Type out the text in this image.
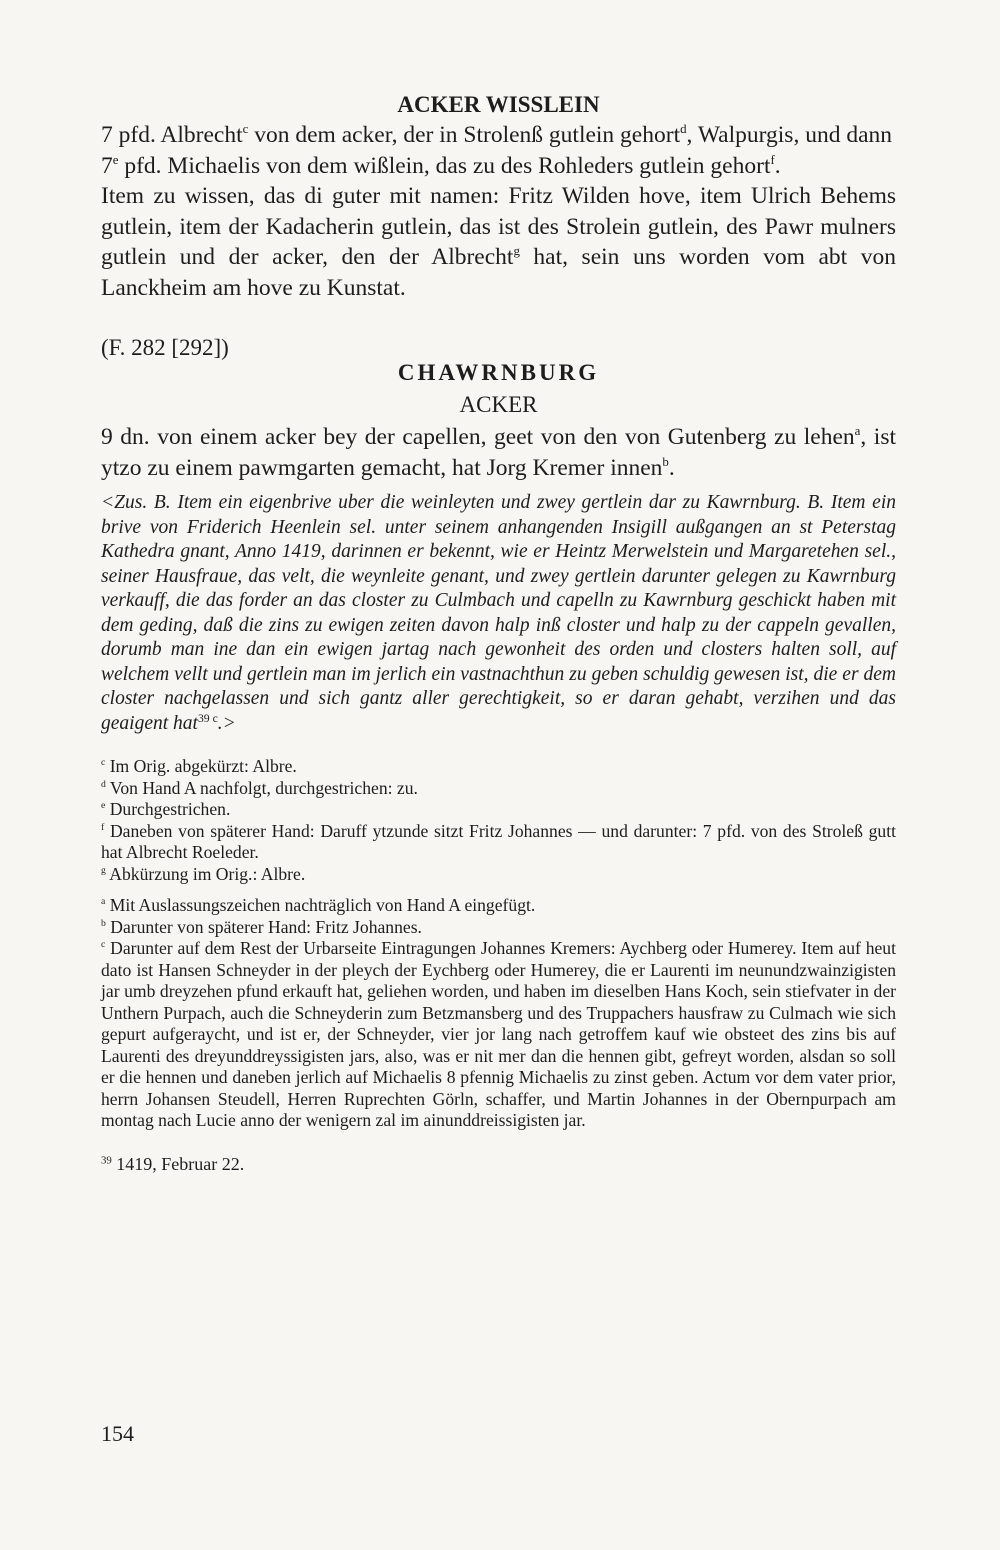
ACKER WISSLEIN

7 pfd. Albrecht$^c$ von dem acker, der in Strolenß gutlein gehort$^d$, Walpurgis, und dann

7e pfd. Michaelis von dem wißlein, das zu des Rohleders gutlein gehort$^f$.

Item zu wissen, das di guter mit namen: Fritz Wilden hove, item Ulrich Behems gutlein, item der Kadacherin gutlein, das ist des Strolein gutlein, des Pawr mulners gutlein und der acker, den der Albrecht$^g$ hat, sein uns worden vom abt von Lanckheim am hove zu Kunstat.

(F. 282 [292])

CHAWRNBURG
ACKER

9 dn. von einem acker bey der capellen, geet von den von Gutenberg zu lehen$^a$, ist ytzo zu einem pawmgarten gemacht, hat Jorg Kremer innen$^b$.

<Zus. B. Item ein eigenbrive uber die weinleyten und zwey gertlein dar zu Kawrnburg. B. Item ein brive von Friderich Heenlein sel. unter seinem anhangenden Insigill außgangen an st Peterstag Kathedra gnant, Anno 1419, darinnen er bekennt, wie er Heintz Merwelstein und Margaretehen sel., seiner Hausfraue, das velt, die weynleite genant, und zwey gertlein darunter gelegen zu Kawrnburg verkauff, die das forder an das closter zu Culmbach und capelln zu Kawrnburg geschickt haben mit dem geding, daß die zins zu ewigen zeiten davon halp inß closter und halp zu der cappeln gevallen, dorumb man ine dan ein ewigen jartag nach gewonheit des orden und closters halten soll, auf welchem vellt und gertlein man im jerlich ein vastnachthun zu geben schuldig gewesen ist, die er dem closter nachgelassen und sich gantz aller gerechtigkeit, so er daran gehabt, verzihen und das geaigent hat$^{39 c}$.>

$^c$ Im Orig. abgekürzt: Albre.

$^d$ Von Hand A nachfolgt, durchgestrichen: zu.

$^e$ Durchgestrichen.

$^f$ Daneben von späterer Hand: Daruff ytzunde sitzt Fritz Johannes — und darunter: 7 pfd. von des Stroleß gutt hat Albrecht Roeleder.

$^g$ Abkürzung im Orig.: Albre.

$^a$ Mit Auslassungszeichen nachträglich von Hand A eingefügt.

$^b$ Darunter von späterer Hand: Fritz Johannes.

$^c$ Darunter auf dem Rest der Urbarseite Eintragungen Johannes Kremers: Aychberg oder Humerey. Item auf heut dato ist Hansen Schneyder in der pleych der Eychberg oder Humerey, die er Laurenti im neunundzwainzigisten jar umb dreyzehen pfund erkauft hat, geliehen worden, und haben im dieselben Hans Koch, sein stiefvater in der Unthern Purpach, auch die Schneyderin zum Betzmansberg und des Truppachers hausfraw zu Culmach wie sich gepurt aufgeraycht, und ist er, der Schneyder, vier jor lang nach getroffem kauf wie obsteet des zins bis auf Laurenti des dreyunddreyssigisten jars, also, was er nit mer dan die hennen gibt, gefreyt worden, alsdan so soll er die hennen und daneben jerlich auf Michaelis 8 pfennig Michaelis zu zinst geben. Actum vor dem vater prior, herrn Johansen Steudell, Herren Ruprechten Görln, schaffer, und Martin Johannes in der Obernpurpach am montag nach Lucie anno der wenigern zal im ainunddreissigisten jar.

$^{39}$ 1419, Februar 22.

154
